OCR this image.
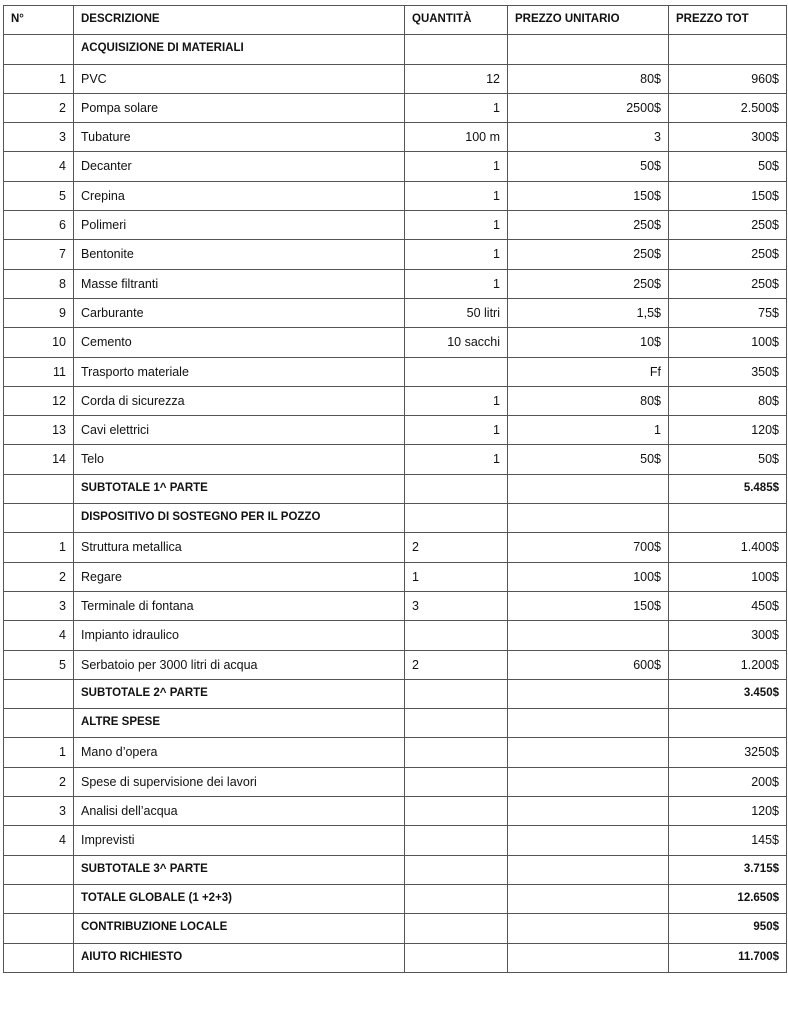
N°	DESCRIZIONE	QUANTITÀ	PREZZO UNITARIO	PREZZO TOT
	ACQUISIZIONE DI MATERIALI			
1	PVC	12	80$	960$
2	Pompa solare	1	2500$	2.500$
3	Tubature	100 m	3	300$
4	Decanter	1	50$	50$
5	Crepina	1	150$	150$
6	Polimeri	1	250$	250$
7	Bentonite	1	250$	250$
8	Masse filtranti	1	250$	250$
9	Carburante	50 litri	1,5$	75$
10	Cemento	10 sacchi	10$	100$
11	Trasporto materiale		Ff	350$
12	Corda di sicurezza	1	80$	80$
13	Cavi elettrici	1	1	120$
14	Telo	1	50$	50$
	SUBTOTALE 1^ PARTE			5.485$
	DISPOSITIVO DI SOSTEGNO PER IL POZZO			
1	Struttura metallica	2	700$	1.400$
2	Regare	1	100$	100$
3	Terminale di fontana	3	150$	450$
4	Impianto idraulico			300$
5	Serbatoio per 3000 litri di acqua	2	600$	1.200$
	SUBTOTALE 2^ PARTE			3.450$
	ALTRE SPESE			
1	Mano d’opera			3250$
2	Spese di supervisione dei lavori			200$
3	Analisi dell’acqua			120$
4	Imprevisti			145$
	SUBTOTALE 3^ PARTE			3.715$
	TOTALE GLOBALE (1 +2+3)			12.650$
	CONTRIBUZIONE LOCALE			950$
	AIUTO RICHIESTO			11.700$
